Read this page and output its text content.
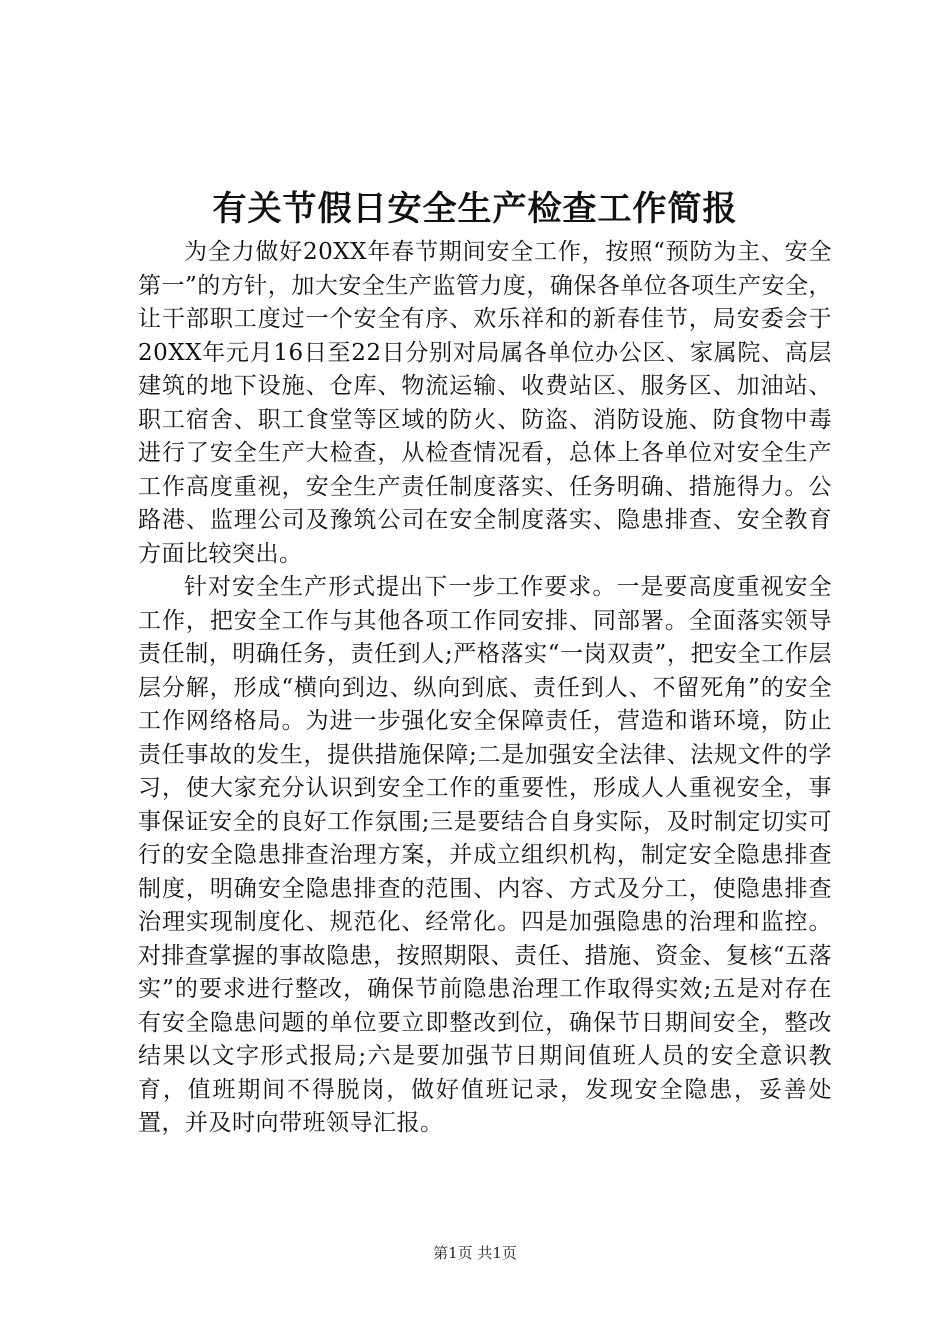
有关节假日安全生产检查工作简报

为全力做好20XX年春节期间安全工作，按照“预防为主、安全第一”的方针，加大安全生产监管力度，确保各单位各项生产安全，让干部职工度过一个安全有序、欢乐祥和的新春佳节，局安委会于20XX年元月16日至22日分别对局属各单位办公区、家属院、高层建筑的地下设施、仓库、物流运输、收费站区、服务区、加油站、职工宿舍、职工食堂等区域的防火、防盗、消防设施、防食物中毒进行了安全生产大检查，从检查情况看，总体上各单位对安全生产工作高度重视，安全生产责任制度落实、任务明确、措施得力。公路港、监理公司及豫筑公司在安全制度落实、隐患排查、安全教育方面比较突出。

针对安全生产形式提出下一步工作要求。一是要高度重视安全工作，把安全工作与其他各项工作同安排、同部署。全面落实领导责任制，明确任务，责任到人;严格落实“一岗双责”，把安全工作层层分解，形成“横向到边、纵向到底、责任到人、不留死角”的安全工作网络格局。为进一步强化安全保障责任，营造和谐环境，防止责任事故的发生，提供措施保障;二是加强安全法律、法规文件的学习，使大家充分认识到安全工作的重要性，形成人人重视安全，事事保证安全的良好工作氛围;三是要结合自身实际，及时制定切实可行的安全隐患排查治理方案，并成立组织机构，制定安全隐患排查制度，明确安全隐患排查的范围、内容、方式及分工，使隐患排查治理实现制度化、规范化、经常化。四是加强隐患的治理和监控。对排查掌握的事故隐患，按照期限、责任、措施、资金、复核“五落实”的要求进行整改，确保节前隐患治理工作取得实效;五是对存在有安全隐患问题的单位要立即整改到位，确保节日期间安全，整改结果以文字形式报局;六是要加强节日期间值班人员的安全意识教育，值班期间不得脱岗，做好值班记录，发现安全隐患，妥善处置，并及时向带班领导汇报。

第1页 共1页
